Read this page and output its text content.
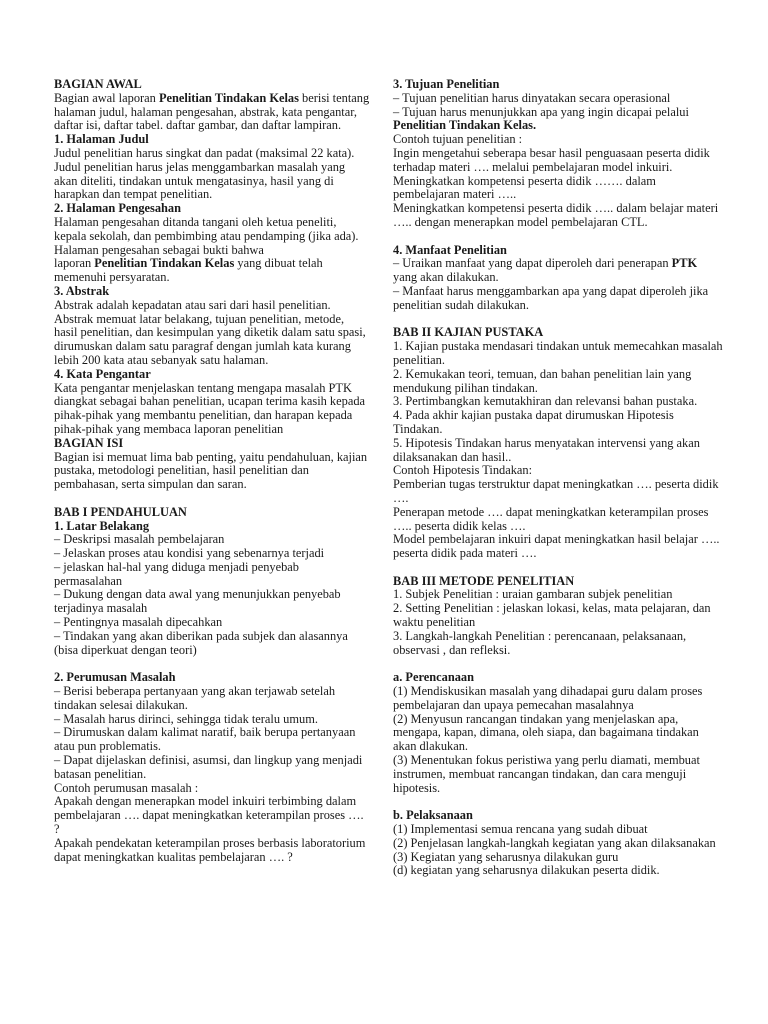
BAGIAN AWAL

Bagian awal laporan Penelitian Tindakan Kelas berisi tentang halaman judul, halaman pengesahan, abstrak, kata pengantar, daftar isi, daftar tabel. daftar gambar, dan daftar lampiran.

1. Halaman Judul

Judul penelitian harus singkat dan padat (maksimal 22 kata). Judul penelitian harus jelas menggambarkan masalah yang akan diteliti, tindakan untuk mengatasinya, hasil yang di harapkan dan tempat penelitian.

2. Halaman Pengesahan

Halaman pengesahan ditanda tangani oleh ketua peneliti, kepala sekolah, dan pembimbing atau pendamping (jika ada).

Halaman pengesahan sebagai bukti bahwa

laporan Penelitian Tindakan Kelas yang dibuat telah memenuhi persyaratan.

3. Abstrak

Abstrak adalah kepadatan atau sari dari hasil penelitian.

Abstrak memuat latar belakang, tujuan penelitian, metode, hasil penelitian, dan kesimpulan yang diketik dalam satu spasi, dirumuskan dalam satu paragraf dengan jumlah kata kurang lebih 200 kata atau sebanyak satu halaman.

4. Kata Pengantar

Kata pengantar menjelaskan tentang mengapa masalah PTK diangkat sebagai bahan penelitian, ucapan terima kasih kepada pihak-pihak yang membantu penelitian, dan harapan kepada pihak-pihak yang membaca laporan penelitian

BAGIAN ISI

Bagian isi memuat lima bab penting, yaitu pendahuluan, kajian pustaka, metodologi penelitian, hasil penelitian dan pembahasan, serta simpulan dan saran.

BAB I PENDAHULUAN

1. Latar Belakang

– Deskripsi masalah pembelajaran

– Jelaskan proses atau kondisi yang sebenarnya terjadi

– jelaskan hal-hal yang diduga menjadi penyebab permasalahan

– Dukung dengan data awal yang menunjukkan penyebab terjadinya masalah

– Pentingnya masalah dipecahkan

– Tindakan yang akan diberikan pada subjek dan alasannya (bisa diperkuat dengan teori)

2. Perumusan Masalah

– Berisi beberapa pertanyaan yang akan terjawab setelah tindakan selesai dilakukan.

– Masalah harus dirinci, sehingga tidak teralu umum.

– Dirumuskan dalam kalimat naratif, baik berupa pertanyaan atau pun problematis.

– Dapat dijelaskan definisi, asumsi, dan lingkup yang menjadi batasan penelitian.

Contoh perumusan masalah :

Apakah dengan menerapkan model inkuiri terbimbing dalam pembelajaran …. dapat meningkatkan keterampilan proses …. ?

Apakah pendekatan keterampilan proses berbasis laboratorium dapat meningkatkan kualitas pembelajaran …. ?

3. Tujuan Penelitian

– Tujuan penelitian harus dinyatakan secara operasional

– Tujuan harus menunjukkan apa yang ingin dicapai pelalui Penelitian Tindakan Kelas.

Contoh tujuan penelitian :

Ingin mengetahui seberapa besar hasil penguasaan peserta didik terhadap materi …. melalui pembelajaran model inkuiri.

Meningkatkan kompetensi peserta didik ……. dalam pembelajaran materi …..

Meningkatkan kompetensi peserta didik ….. dalam belajar materi ….. dengan menerapkan model pembelajaran CTL.

4. Manfaat Penelitian

– Uraikan manfaat yang dapat diperoleh dari penerapan PTK yang akan dilakukan.

– Manfaat harus menggambarkan apa yang dapat diperoleh jika penelitian sudah dilakukan.

BAB II KAJIAN PUSTAKA

1. Kajian pustaka mendasari tindakan untuk memecahkan masalah penelitian.

2. Kemukakan teori, temuan, dan bahan penelitian lain yang mendukung pilihan tindakan.

3. Pertimbangkan kemutakhiran dan relevansi bahan pustaka.

4. Pada akhir kajian pustaka dapat dirumuskan Hipotesis Tindakan.

5. Hipotesis Tindakan harus menyatakan intervensi yang akan dilaksanakan dan hasil..

Contoh Hipotesis Tindakan:

Pemberian tugas terstruktur dapat meningkatkan …. peserta didik ….

Penerapan metode …. dapat meningkatkan keterampilan proses ….. peserta didik kelas ….

Model pembelajaran inkuiri dapat meningkatkan hasil belajar ….. peserta didik pada materi ….

BAB III METODE PENELITIAN

1. Subjek Penelitian : uraian gambaran subjek penelitian

2. Setting Penelitian : jelaskan lokasi, kelas, mata pelajaran, dan waktu penelitian

3. Langkah-langkah Penelitian : perencanaan, pelaksanaan, observasi , dan refleksi.

a. Perencanaan

(1) Mendiskusikan masalah yang dihadapai guru dalam proses pembelajaran dan upaya pemecahan masalahnya

(2) Menyusun rancangan tindakan yang menjelaskan apa, mengapa, kapan, dimana, oleh siapa, dan bagaimana tindakan akan dlakukan.

(3) Menentukan fokus peristiwa yang perlu diamati, membuat instrumen, membuat rancangan tindakan, dan cara menguji hipotesis.

b. Pelaksanaan

(1) Implementasi semua rencana yang sudah dibuat

(2) Penjelasan langkah-langkah kegiatan yang akan dilaksanakan

(3) Kegiatan yang seharusnya dilakukan guru

(d) kegiatan yang seharusnya dilakukan peserta didik.
